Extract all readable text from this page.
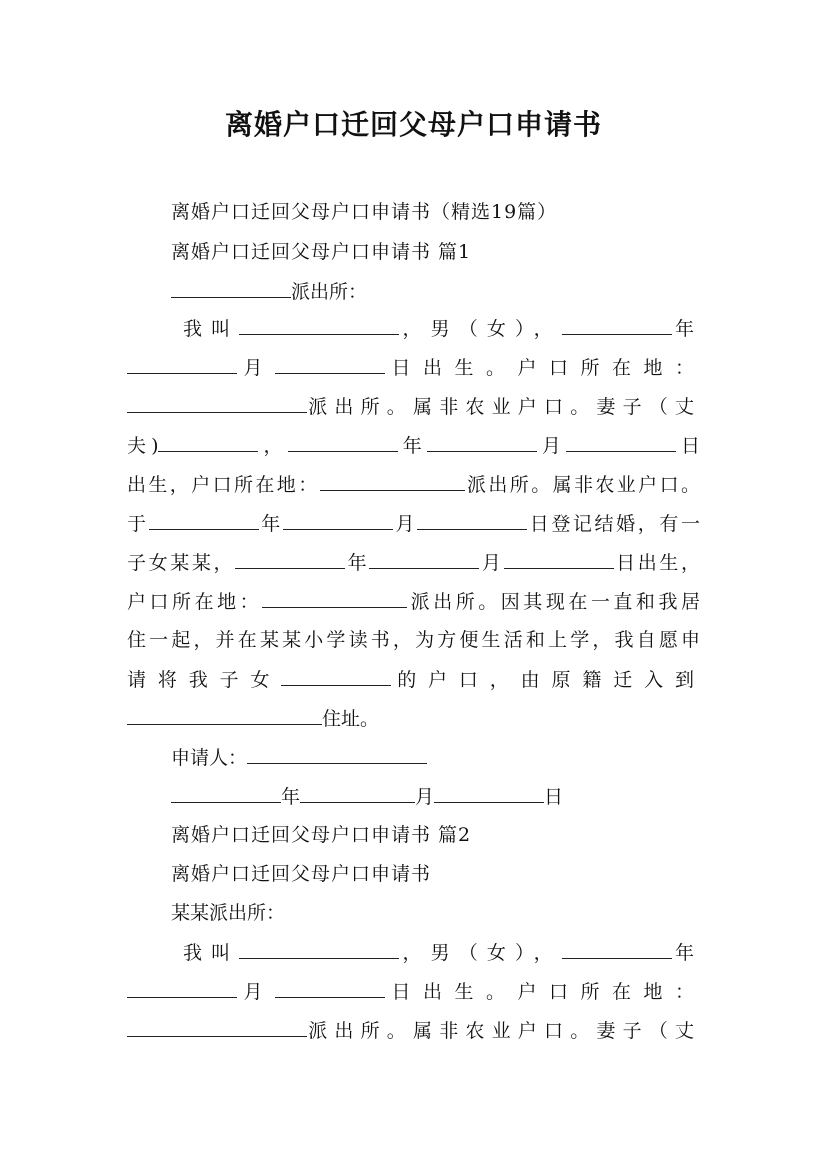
离婚户口迁回父母户口申请书
离婚户口迁回父母户口申请书（精选19篇）
离婚户口迁回父母户口申请书 篇1
派出所：
我叫	，男（女），	年
月	日出生。户口所在地：
派出所。属非农业户口。妻子（丈
夫)	，	年	月	日
出生，户口所在地：	派出所。属非农业户口。
于	年	月	日登记结婚，有一
子女某某，	年	月	日出生，
户口所在地：	派出所。因其现在一直和我居
住一起，并在某某小学读书，为方便生活和上学，我自愿申
请将我子女	的户口，由原籍迁入到
住址。
申请人：
年	月	日
离婚户口迁回父母户口申请书 篇2
离婚户口迁回父母户口申请书
某某派出所：
我叫	，男（女），	年
月	日出生。户口所在地：
派出所。属非农业户口。妻子（丈
